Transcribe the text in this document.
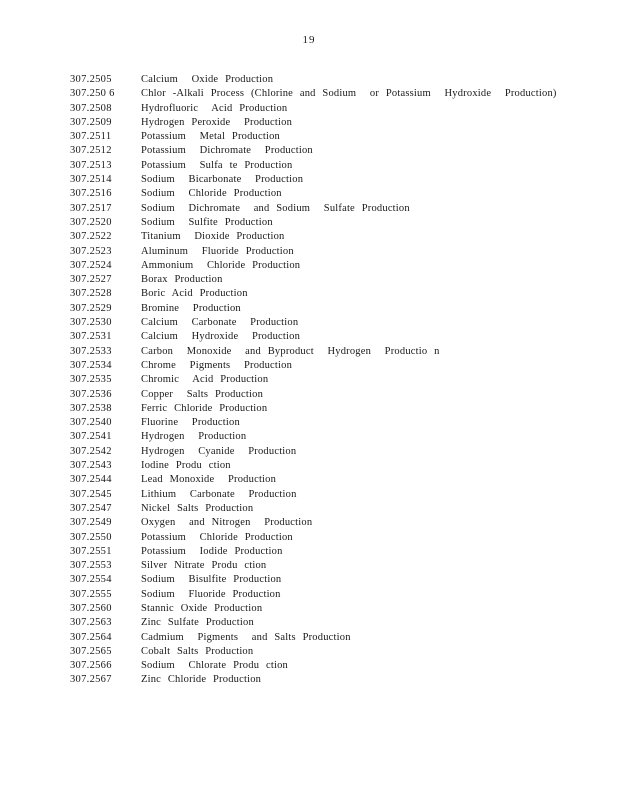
19
307.2505	Calcium  Oxide Production
307.250 6	Chlor -Alkali Process (Chlorine and Sodium  or Potassium  Hydroxide  Production)
307.2508	Hydrofluoric  Acid Production
307.2509	Hydrogen Peroxide  Production
307.2511	Potassium  Metal Production
307.2512	Potassium  Dichromate  Production
307.2513	Potassium  Sulfa te Production
307.2514	Sodium  Bicarbonate  Production
307.2516	Sodium  Chloride Production
307.2517	Sodium  Dichromate  and Sodium  Sulfate Production
307.2520	Sodium  Sulfite Production
307.2522	Titanium  Dioxide Production
307.2523	Aluminum  Fluoride Production
307.2524	Ammonium  Chloride Production
307.2527	Borax Production
307.2528	Boric Acid Production
307.2529	Bromine  Production
307.2530	Calcium  Carbonate  Production
307.2531	Calcium  Hydroxide  Production
307.2533	Carbon  Monoxide  and Byproduct  Hydrogen  Productio n
307.2534	Chrome  Pigments  Production
307.2535	Chromic  Acid Production
307.2536	Copper  Salts Production
307.2538	Ferric Chloride Production
307.2540	Fluorine  Production
307.2541	Hydrogen  Production
307.2542	Hydrogen  Cyanide  Production
307.2543	Iodine Produ ction
307.2544	Lead Monoxide  Production
307.2545	Lithium  Carbonate  Production
307.2547	Nickel Salts Production
307.2549	Oxygen  and Nitrogen  Production
307.2550	Potassium  Chloride Production
307.2551	Potassium  Iodide Production
307.2553	Silver Nitrate Produ ction
307.2554	Sodium  Bisulfite Production
307.2555	Sodium  Fluoride Production
307.2560	Stannic Oxide Production
307.2563	Zinc Sulfate Production
307.2564	Cadmium  Pigments  and Salts Production
307.2565	Cobalt Salts Production
307.2566	Sodium  Chlorate Produ ction
307.2567	Zinc Chloride Production
